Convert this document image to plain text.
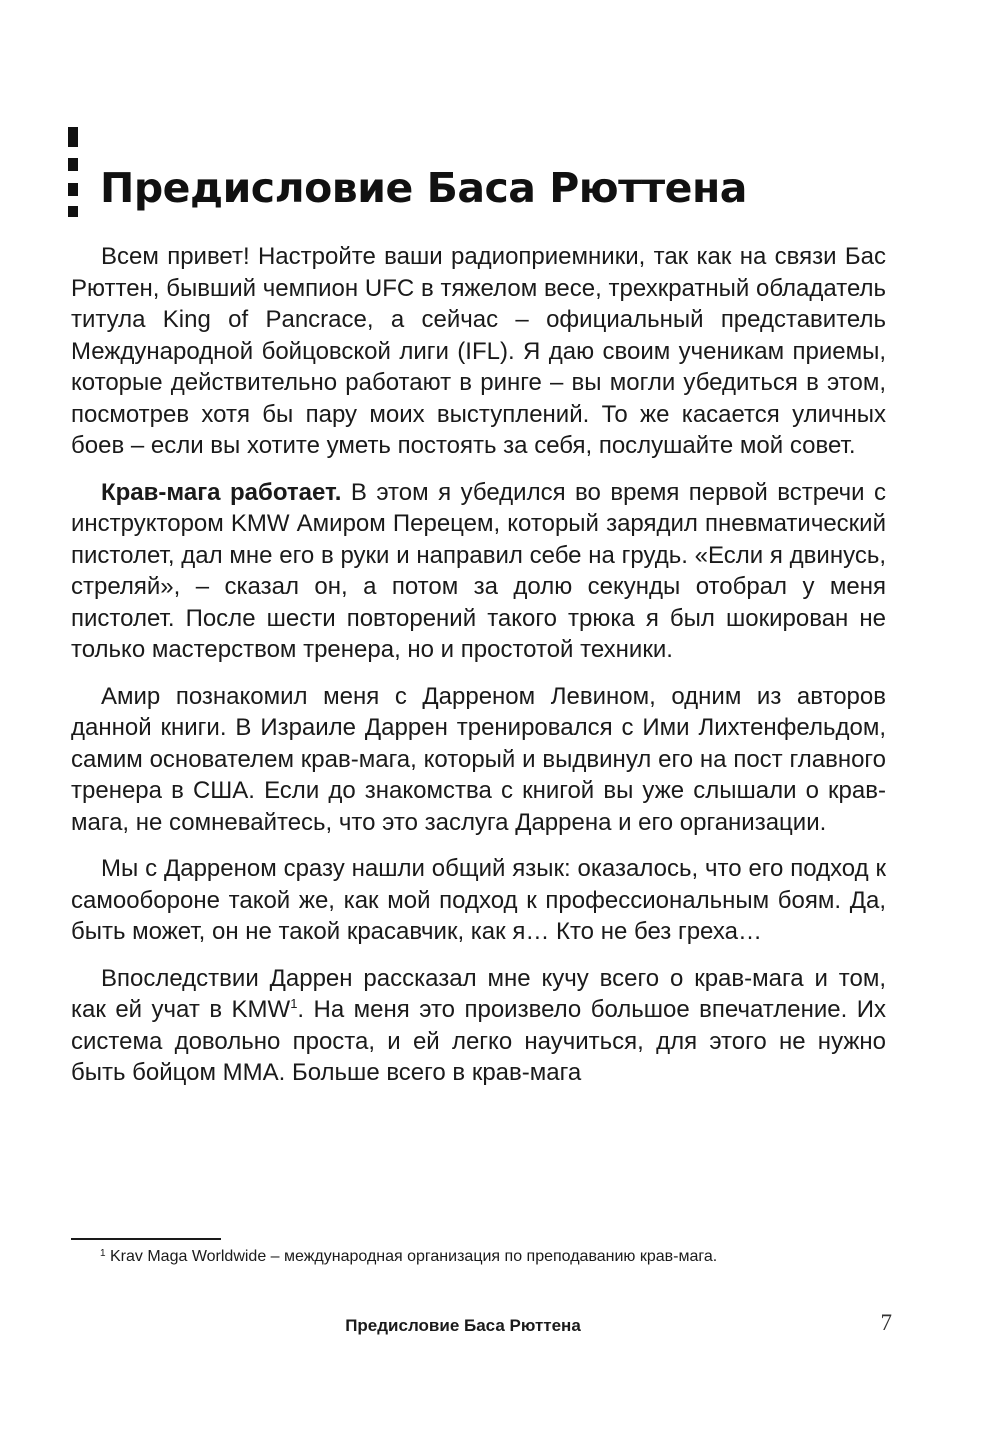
Предисловие Баса Рюттена

Всем привет! Настройте ваши радиоприемники, так как на связи Бас Рюттен, бывший чемпион UFC в тяжелом весе, трехкратный обладатель титула King of Pancrace, а сейчас – официальный представитель Международной бойцовской лиги (IFL). Я даю своим ученикам приемы, которые действительно работают в ринге – вы могли убедиться в этом, посмотрев хотя бы пару моих выступлений. То же касается уличных боев – если вы хотите уметь постоять за себя, послушайте мой совет.

Крав-мага работает. В этом я убедился во время первой встречи с инструктором KMW Амиром Перецем, который зарядил пневматический пистолет, дал мне его в руки и направил себе на грудь. «Если я двинусь, стреляй», – сказал он, а потом за долю секунды отобрал у меня пистолет. После шести повторений такого трюка я был шокирован не только мастерством тренера, но и простотой техники.

Амир познакомил меня с Дарреном Левином, одним из авторов данной книги. В Израиле Даррен тренировался с Ими Лихтенфельдом, самим основателем крав-мага, который и выдвинул его на пост главного тренера в США. Если до знакомства с книгой вы уже слышали о крав-мага, не сомневайтесь, что это заслуга Даррена и его организации.

Мы с Дарреном сразу нашли общий язык: оказалось, что его подход к самообороне такой же, как мой подход к профессиональным боям. Да, быть может, он не такой красавчик, как я… Кто не без греха…

Впоследствии Даррен рассказал мне кучу всего о крав-мага и том, как ей учат в KMW$^1$. На меня это произвело большое впечатление. Их система довольно проста, и ей легко научиться, для этого не нужно быть бойцом ММА. Больше всего в крав-мага

$^1$ Krav Maga Worldwide – международная организация по преподаванию крав-мага.
Предисловие Баса Рюттена	7
